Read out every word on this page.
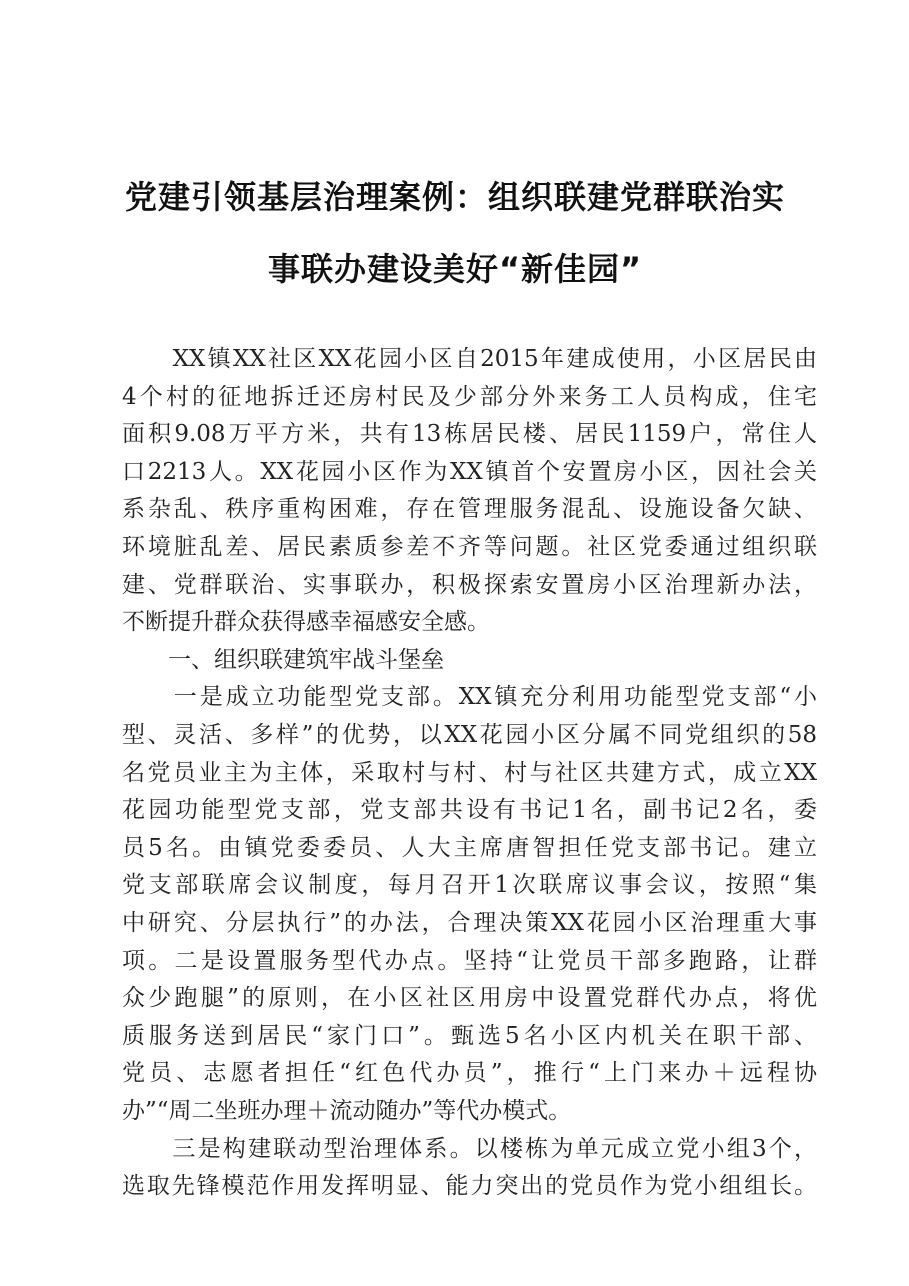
党建引领基层治理案例：组织联建党群联治实
事联办建设美好“新佳园”
　　XX镇XX社区XX花园小区自2015年建成使用，小区居民由
4个村的征地拆迁还房村民及少部分外来务工人员构成，住宅
面积9.08万平方米，共有13栋居民楼、居民1159户，常住人
口2213人。XX花园小区作为XX镇首个安置房小区，因社会关
系杂乱、秩序重构困难，存在管理服务混乱、设施设备欠缺、
环境脏乱差、居民素质参差不齐等问题。社区党委通过组织联
建、党群联治、实事联办，积极探索安置房小区治理新办法，
不断提升群众获得感幸福感安全感。
　　一、组织联建筑牢战斗堡垒
　　一是成立功能型党支部。XX镇充分利用功能型党支部“小
型、灵活、多样”的优势，以XX花园小区分属不同党组织的58
名党员业主为主体，采取村与村、村与社区共建方式，成立XX
花园功能型党支部，党支部共设有书记1名，副书记2名，委
员5名。由镇党委委员、人大主席唐智担任党支部书记。建立
党支部联席会议制度，每月召开1次联席议事会议，按照“集
中研究、分层执行”的办法，合理决策XX花园小区治理重大事
项。二是设置服务型代办点。坚持“让党员干部多跑路，让群
众少跑腿”的原则，在小区社区用房中设置党群代办点，将优
质服务送到居民“家门口”。甄选5名小区内机关在职干部、
党员、志愿者担任“红色代办员”，推行“上门来办＋远程协
办”“周二坐班办理＋流动随办”等代办模式。
　　三是构建联动型治理体系。以楼栋为单元成立党小组3个，
选取先锋模范作用发挥明显、能力突出的党员作为党小组组长。
